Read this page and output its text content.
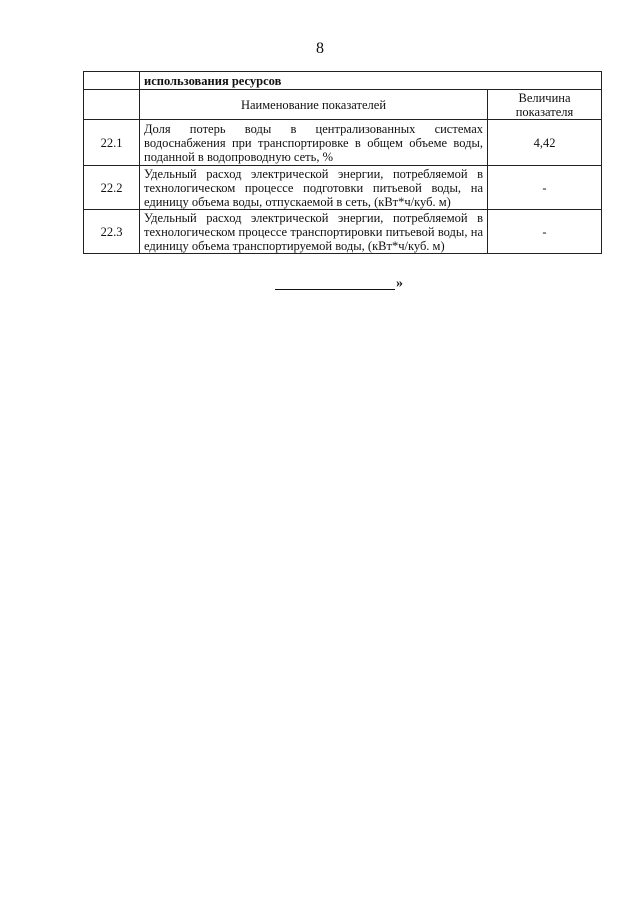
8
	использования ресурсов	
	Наименование показателей	Величина показателя
22.1	Доля потерь воды в централизованных системах водоснабжения при транспортировке в общем объеме воды, поданной в водопроводную сеть, %	4,42
22.2	Удельный расход электрической энергии, потребляемой в технологическом процессе подготовки питьевой воды, на единицу объема воды, отпускаемой в сеть, (кВт*ч/куб. м)	-
22.3	Удельный расход электрической энергии, потребляемой в технологическом процессе транспортировки питьевой воды, на единицу объема транспортируемой воды, (кВт*ч/куб. м)	-
»
